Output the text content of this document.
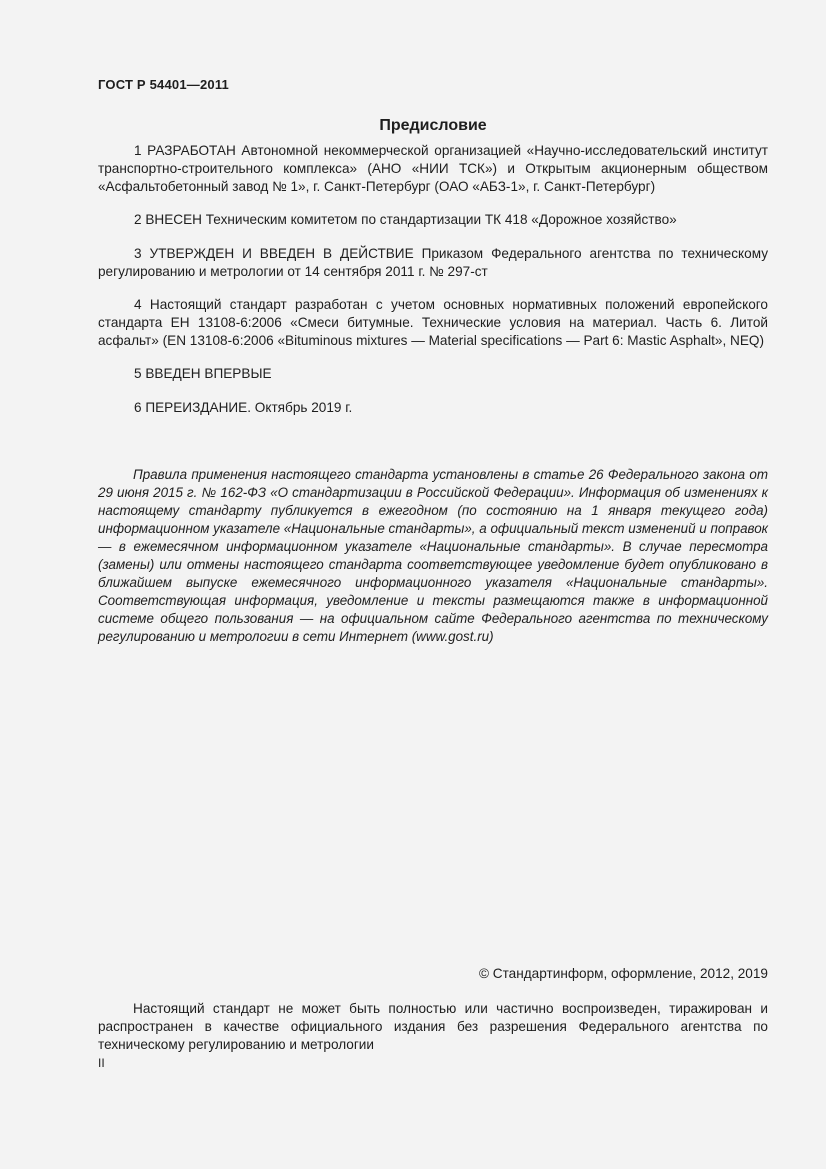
ГОСТ Р 54401—2011
Предисловие

1 РАЗРАБОТАН Автономной некоммерческой организацией «Научно-исследовательский институт транспортно-строительного комплекса» (АНО «НИИ ТСК») и Открытым акционерным обществом «Асфальтобетонный завод № 1», г. Санкт-Петербург (ОАО «АБЗ-1», г. Санкт-Петербург)

2 ВНЕСЕН Техническим комитетом по стандартизации ТК 418 «Дорожное хозяйство»

3 УТВЕРЖДЕН И ВВЕДЕН В ДЕЙСТВИЕ Приказом Федерального агентства по техническому регулированию и метрологии от 14 сентября 2011 г. № 297-ст

4 Настоящий стандарт разработан с учетом основных нормативных положений европейского стандарта ЕН 13108-6:2006 «Смеси битумные. Технические условия на материал. Часть 6. Литой асфальт» (EN 13108-6:2006 «Bituminous mixtures — Material specifications — Part 6: Mastic Asphalt», NEQ)

5 ВВЕДЕН ВПЕРВЫЕ

6 ПЕРЕИЗДАНИЕ. Октябрь 2019 г.

Правила применения настоящего стандарта установлены в статье 26 Федерального закона от 29 июня 2015 г. № 162-ФЗ «О стандартизации в Российской Федерации». Информация об изменениях к настоящему стандарту публикуется в ежегодном (по состоянию на 1 января текущего года) информационном указателе «Национальные стандарты», а официальный текст изменений и поправок — в ежемесячном информационном указателе «Национальные стандарты». В случае пересмотра (замены) или отмены настоящего стандарта соответствующее уведомление будет опубликовано в ближайшем выпуске ежемесячного информационного указателя «Национальные стандарты». Соответствующая информация, уведомление и тексты размещаются также в информационной системе общего пользования — на официальном сайте Федерального агентства по техническому регулированию и метрологии в сети Интернет (www.gost.ru)

© Стандартинформ, оформление, 2012, 2019

Настоящий стандарт не может быть полностью или частично воспроизведен, тиражирован и распространен в качестве официального издания без разрешения Федерального агентства по техническому регулированию и метрологии

II
